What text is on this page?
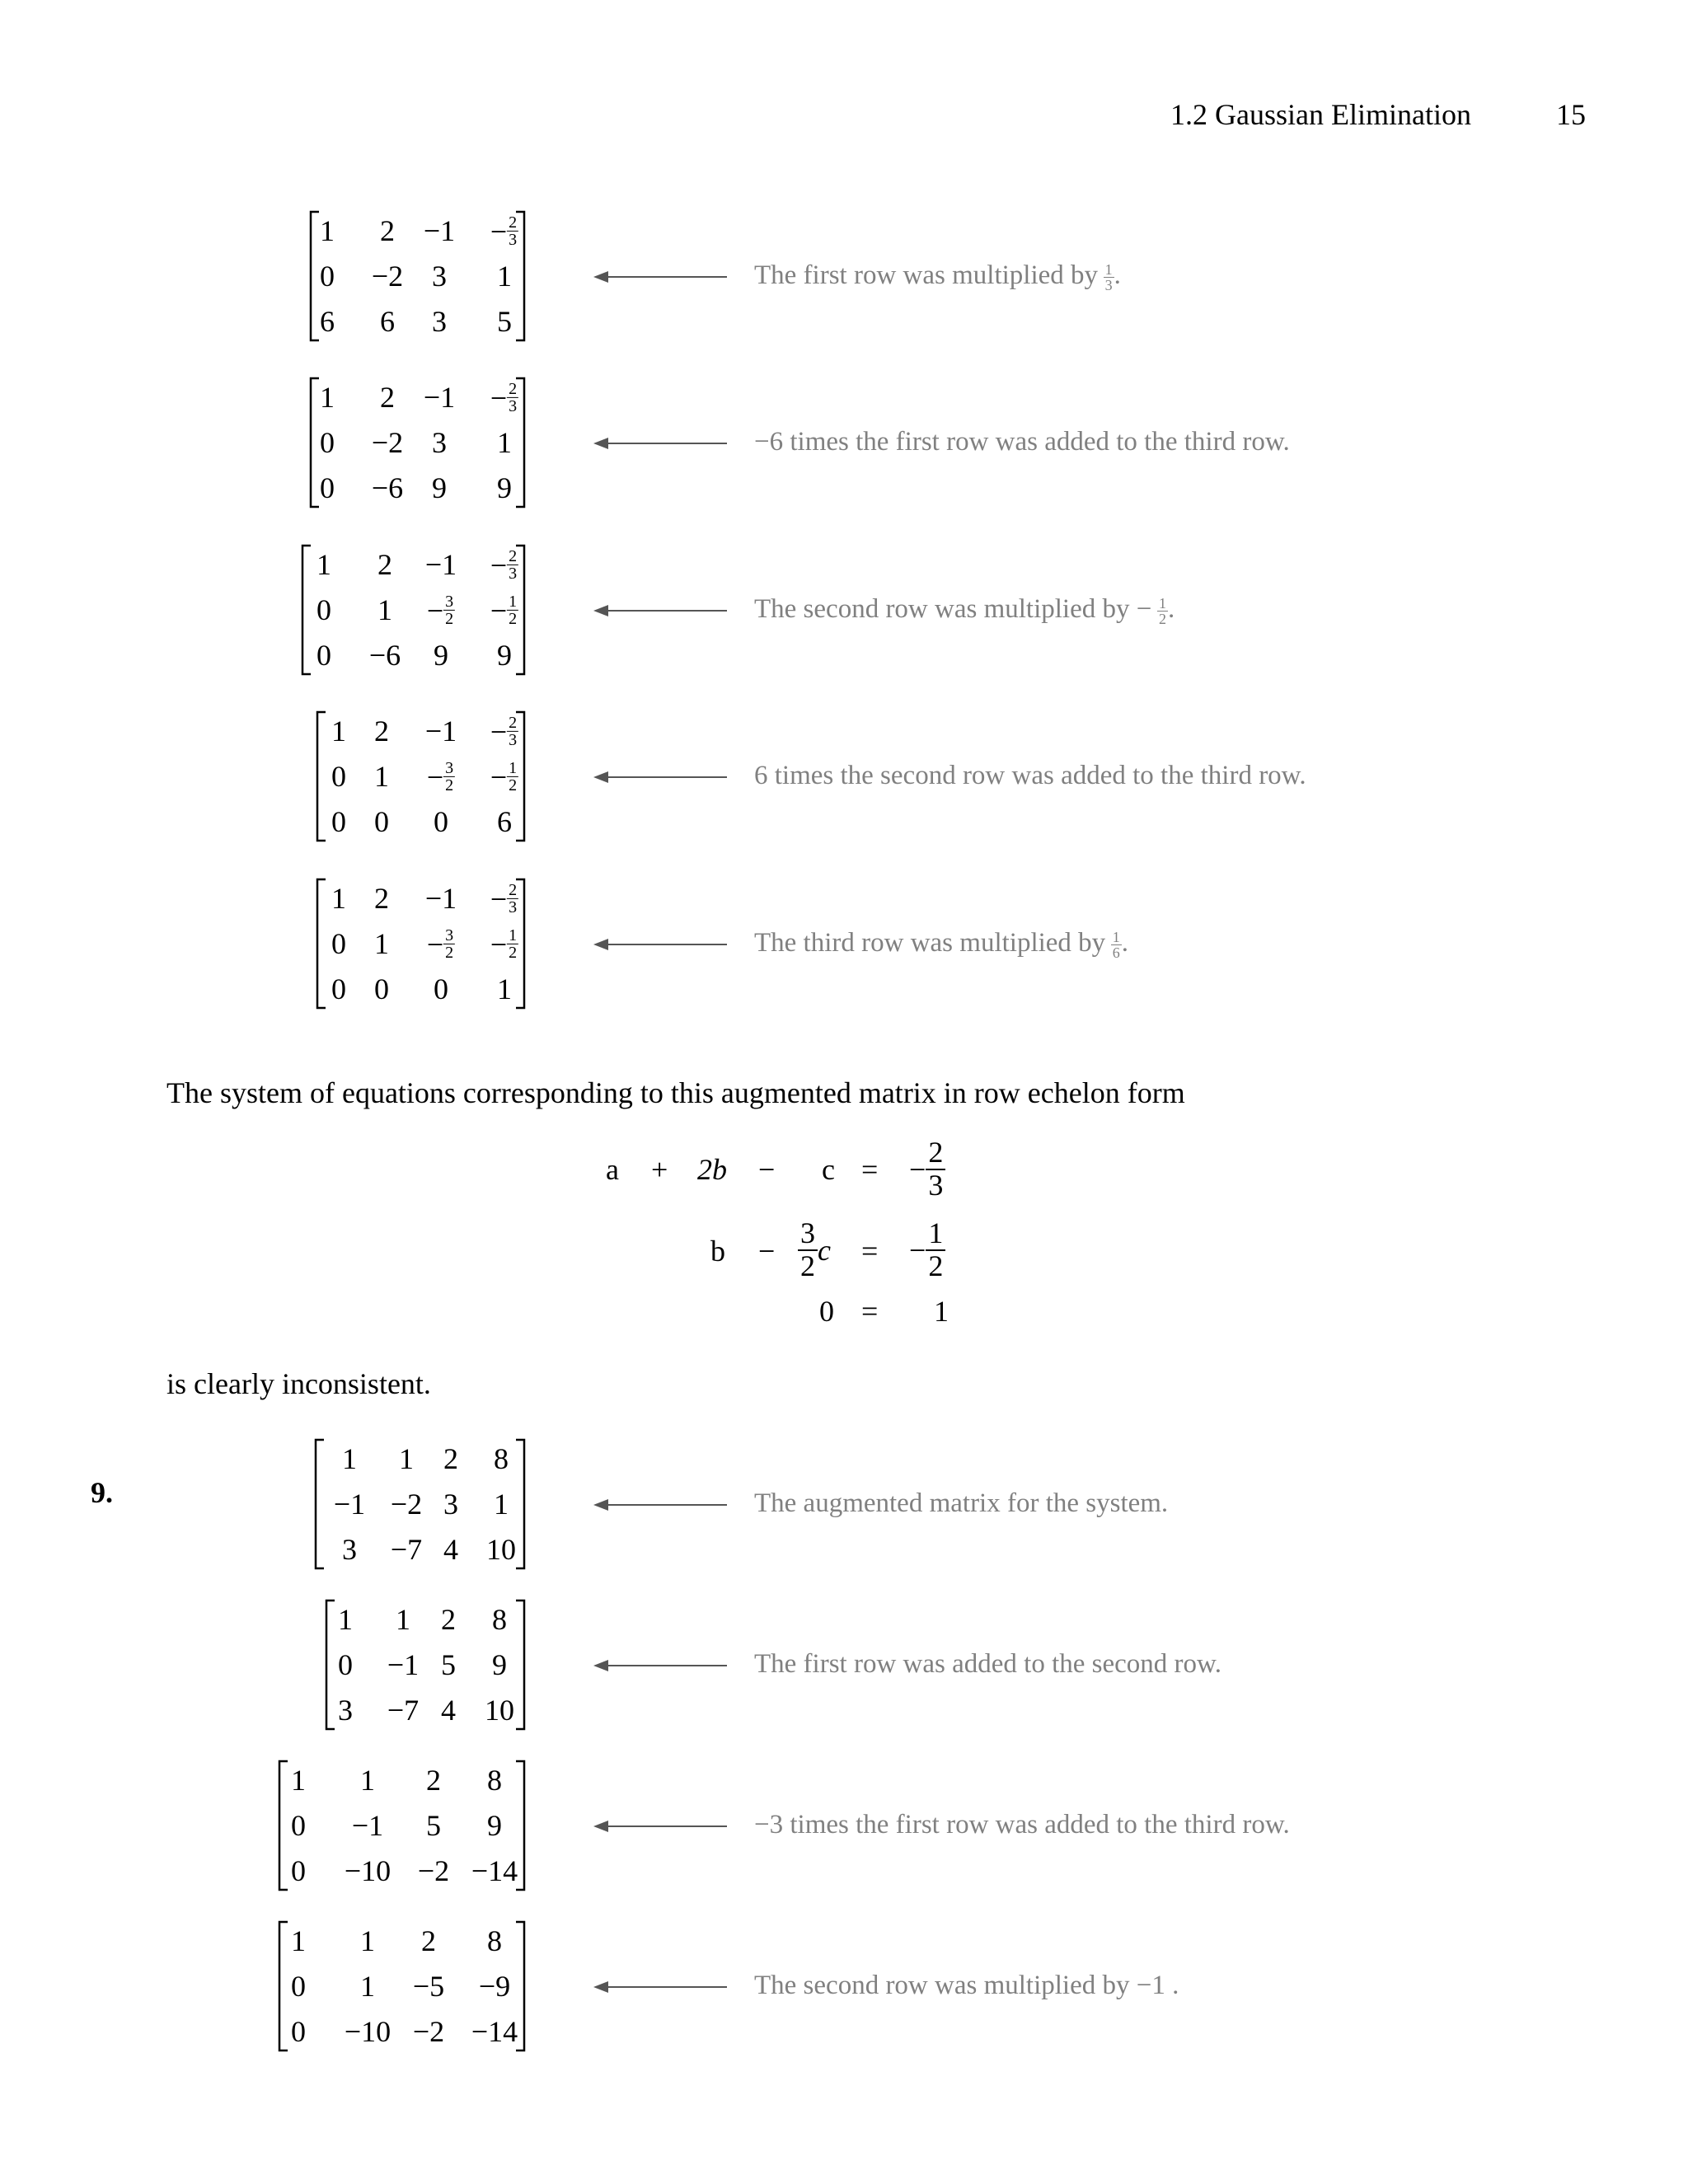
1.2 Gaussian Elimination	15
1 $2 -1 - \frac{2}{3}$
0 −2 3 1
6 6 3 5
The first row was multiplied by  $\frac{1}{3}$ .
1 $2 -1 - \frac{2}{3}$
0 −2 3 1
0 −6 9 9
−6 times the first row was added to the third row.
1 $2 -1 - \frac{2}{3}$
0 $1 - \frac{3}{2} - \frac{1}{2}$
0 −6 9 9
The second row was multiplied by −  $\frac{1}{2}$ .
1 $2 -1 - \frac{2}{3}$
0 $1 - \frac{3}{2} - \frac{1}{2}$
0 0 0 6
6 times the second row was added to the third row.
1 $2 -1 - \frac{2}{3}$
0 $1 - \frac{3}{2} - \frac{1}{2}$
0 0 0 1
The third row was multiplied by  $\frac{1}{6}$ .
The system of equations corresponding to this augmented matrix in row echelon form
a + 2b − c = − $\frac{2}{3}$
$b - \frac{3}{2}$ c = − $\frac{1}{2}$
0 = 1
is clearly inconsistent.
9.
1 1 2 8
−1 −2 3 1
3 −7 4 10
The augmented matrix for the system.
1 1 2 8
0 −1 5 9
3 −7 4 10
The first row was added to the second row.
1 1 2 8
0 −1 5 9
0 −10 −2 −14
−3 times the first row was added to the third row.
1 1 2 8
0 1 −5 −9
0 −10 −2 −14
The second row was multiplied by −1 .
